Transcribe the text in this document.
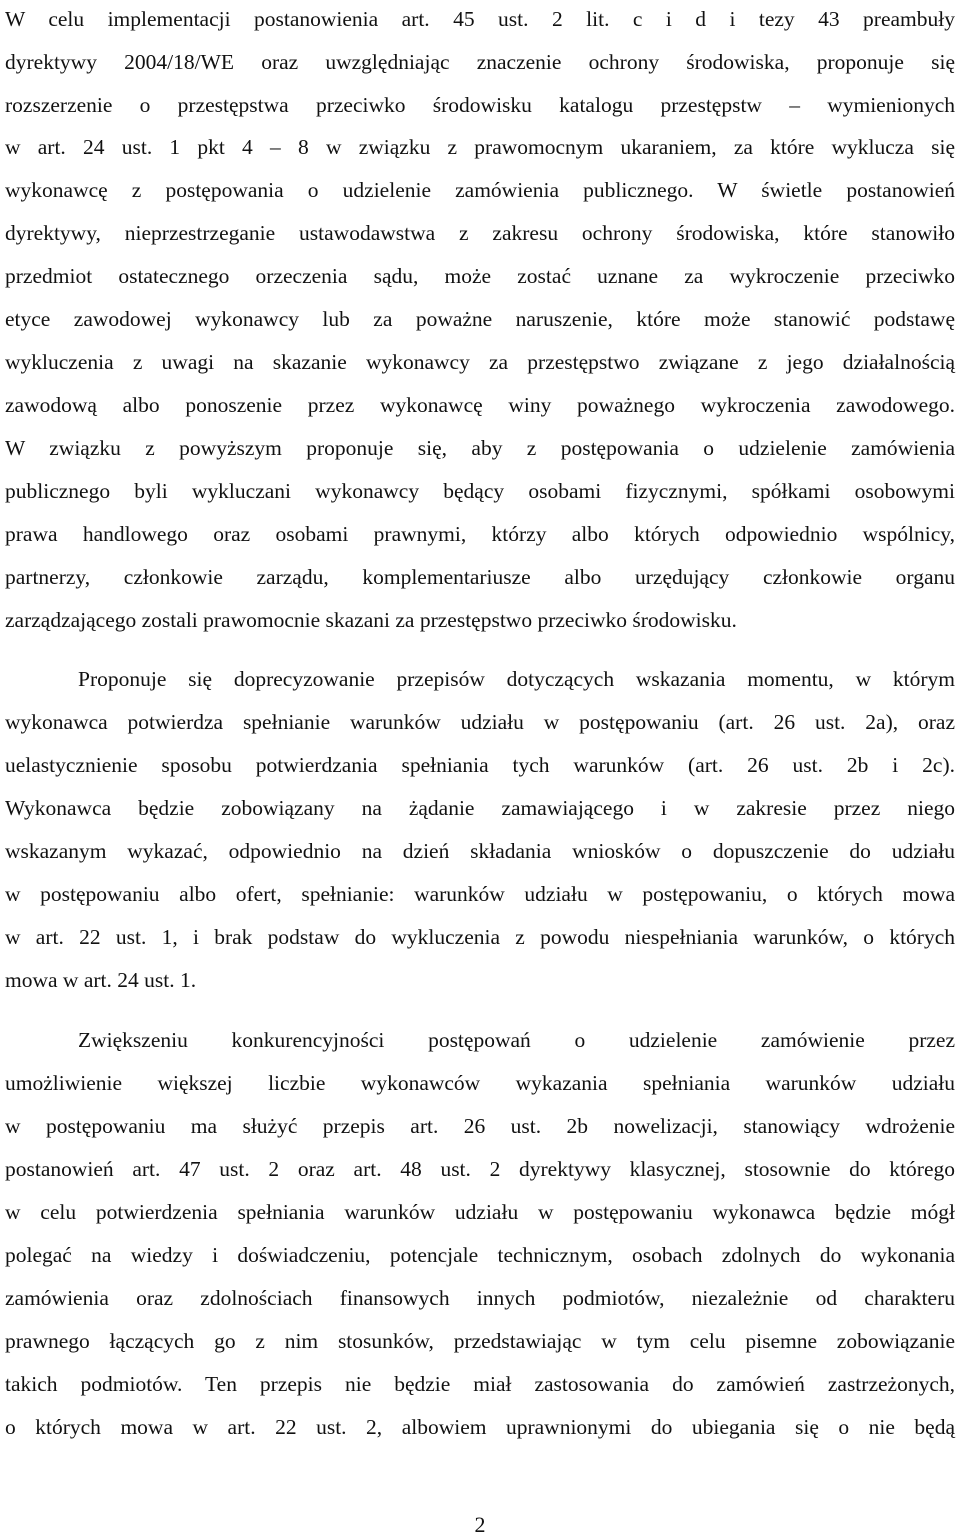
W celu implementacji postanowienia art. 45 ust. 2 lit. c i d i tezy 43 preambuły
dyrektywy 2004/18/WE oraz uwzględniając znaczenie ochrony środowiska, proponuje się
rozszerzenie o przestępstwa przeciwko środowisku katalogu przestępstw – wymienionych
w art. 24 ust. 1 pkt 4 – 8 w związku z prawomocnym ukaraniem, za które wyklucza się
wykonawcę z postępowania o udzielenie zamówienia publicznego. W świetle postanowień
dyrektywy, nieprzestrzeganie ustawodawstwa z zakresu ochrony środowiska, które stanowiło
przedmiot ostatecznego orzeczenia sądu, może zostać uznane za wykroczenie przeciwko
etyce zawodowej wykonawcy lub za poważne naruszenie, które może stanowić podstawę
wykluczenia z uwagi na skazanie wykonawcy za przestępstwo związane z jego działalnością
zawodową albo ponoszenie przez wykonawcę winy poważnego wykroczenia zawodowego.
W związku z powyższym proponuje się, aby z postępowania o udzielenie zamówienia
publicznego byli wykluczani wykonawcy będący osobami fizycznymi, spółkami osobowymi
prawa handlowego oraz osobami prawnymi, którzy albo których odpowiednio wspólnicy,
partnerzy, członkowie zarządu, komplementariusze albo urzędujący członkowie organu
zarządzającego zostali prawomocnie skazani za przestępstwo przeciwko środowisku.
Proponuje się doprecyzowanie przepisów dotyczących wskazania momentu, w którym
wykonawca potwierdza spełnianie warunków udziału w postępowaniu (art. 26 ust. 2a), oraz
uelastycznienie sposobu potwierdzania spełniania tych warunków (art. 26 ust. 2b i 2c).
Wykonawca będzie zobowiązany na żądanie zamawiającego i w zakresie przez niego
wskazanym wykazać, odpowiednio na dzień składania wniosków o dopuszczenie do udziału
w postępowaniu albo ofert, spełnianie: warunków udziału w postępowaniu, o których mowa
w art. 22 ust. 1, i brak podstaw do wykluczenia z powodu niespełniania warunków, o których
mowa w art. 24 ust. 1.
Zwiększeniu konkurencyjności postępowań o udzielenie zamówienie przez
umożliwienie większej liczbie wykonawców wykazania spełniania warunków udziału
w postępowaniu ma służyć przepis art. 26 ust. 2b nowelizacji, stanowiący wdrożenie
postanowień art. 47 ust. 2 oraz art. 48 ust. 2 dyrektywy klasycznej, stosownie do którego
w celu potwierdzenia spełniania warunków udziału w postępowaniu wykonawca będzie mógł
polegać na wiedzy i doświadczeniu, potencjale technicznym, osobach zdolnych do wykonania
zamówienia oraz zdolnościach finansowych innych podmiotów, niezależnie od charakteru
prawnego łączących go z nim stosunków, przedstawiając w tym celu pisemne zobowiązanie
takich podmiotów. Ten przepis nie będzie miał zastosowania do zamówień zastrzeżonych,
o których mowa w art. 22 ust. 2, albowiem uprawnionymi do ubiegania się o nie będą
2
